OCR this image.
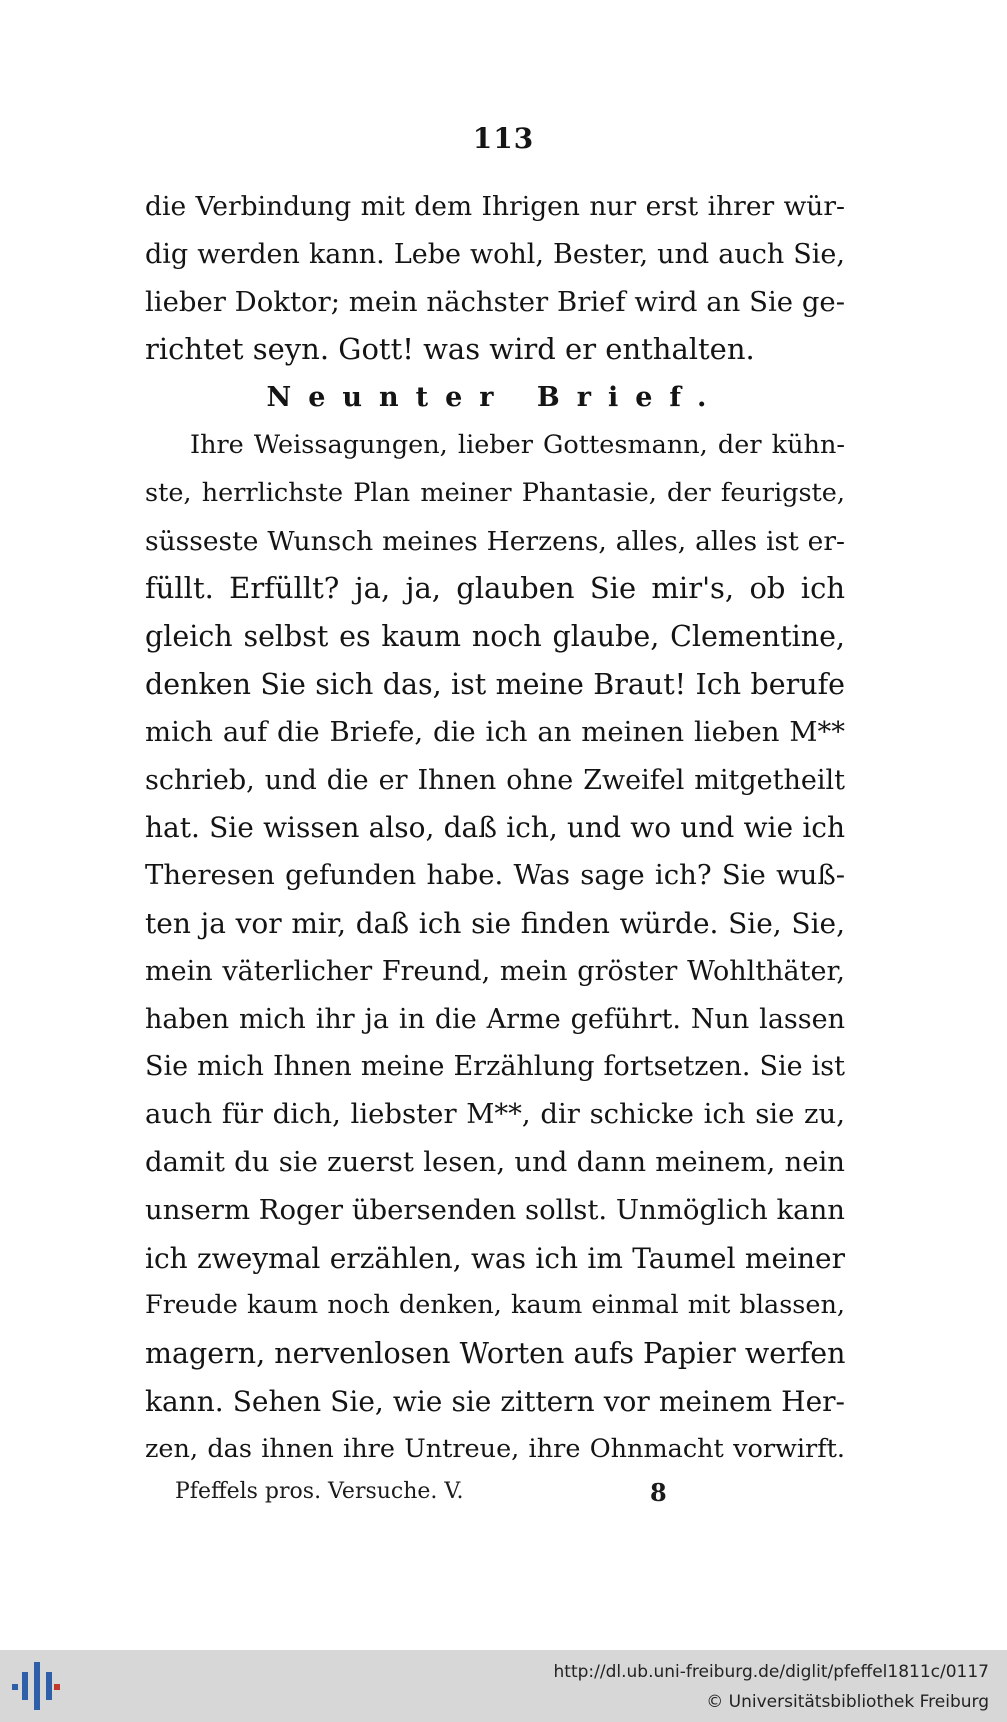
113
die Verbindung mit dem Ihrigen nur erst ihrer wür-
dig werden kann. Lebe wohl, Bester, und auch Sie,
lieber Doktor; mein nächster Brief wird an Sie ge-
richtet seyn. Gott! was wird er enthalten.
Neunter Brief.
Ihre Weissagungen, lieber Gottesmann, der kühn-
ste, herrlichste Plan meiner Phantasie, der feurigste,
süsseste Wunsch meines Herzens, alles, alles ist er-
füllt. Erfüllt? ja, ja, glauben Sie mir's, ob ich
gleich selbst es kaum noch glaube, Clementine,
denken Sie sich das, ist meine Braut! Ich berufe
mich auf die Briefe, die ich an meinen lieben M**
schrieb, und die er Ihnen ohne Zweifel mitgetheilt
hat. Sie wissen also, daß ich, und wo und wie ich
Theresen gefunden habe. Was sage ich? Sie wuß-
ten ja vor mir, daß ich sie finden würde. Sie, Sie,
mein väterlicher Freund, mein gröster Wohlthäter,
haben mich ihr ja in die Arme geführt. Nun lassen
Sie mich Ihnen meine Erzählung fortsetzen. Sie ist
auch für dich, liebster M**, dir schicke ich sie zu,
damit du sie zuerst lesen, und dann meinem, nein
unserm Roger übersenden sollst. Unmöglich kann
ich zweymal erzählen, was ich im Taumel meiner
Freude kaum noch denken, kaum einmal mit blassen,
magern, nervenlosen Worten aufs Papier werfen
kann. Sehen Sie, wie sie zittern vor meinem Her-
zen, das ihnen ihre Untreue, ihre Ohnmacht vorwirft.
Pfeffels pros. Versuche. V.	8
http://dl.ub.uni-freiburg.de/diglit/pfeffel1811c/0117
© Universitätsbibliothek Freiburg
